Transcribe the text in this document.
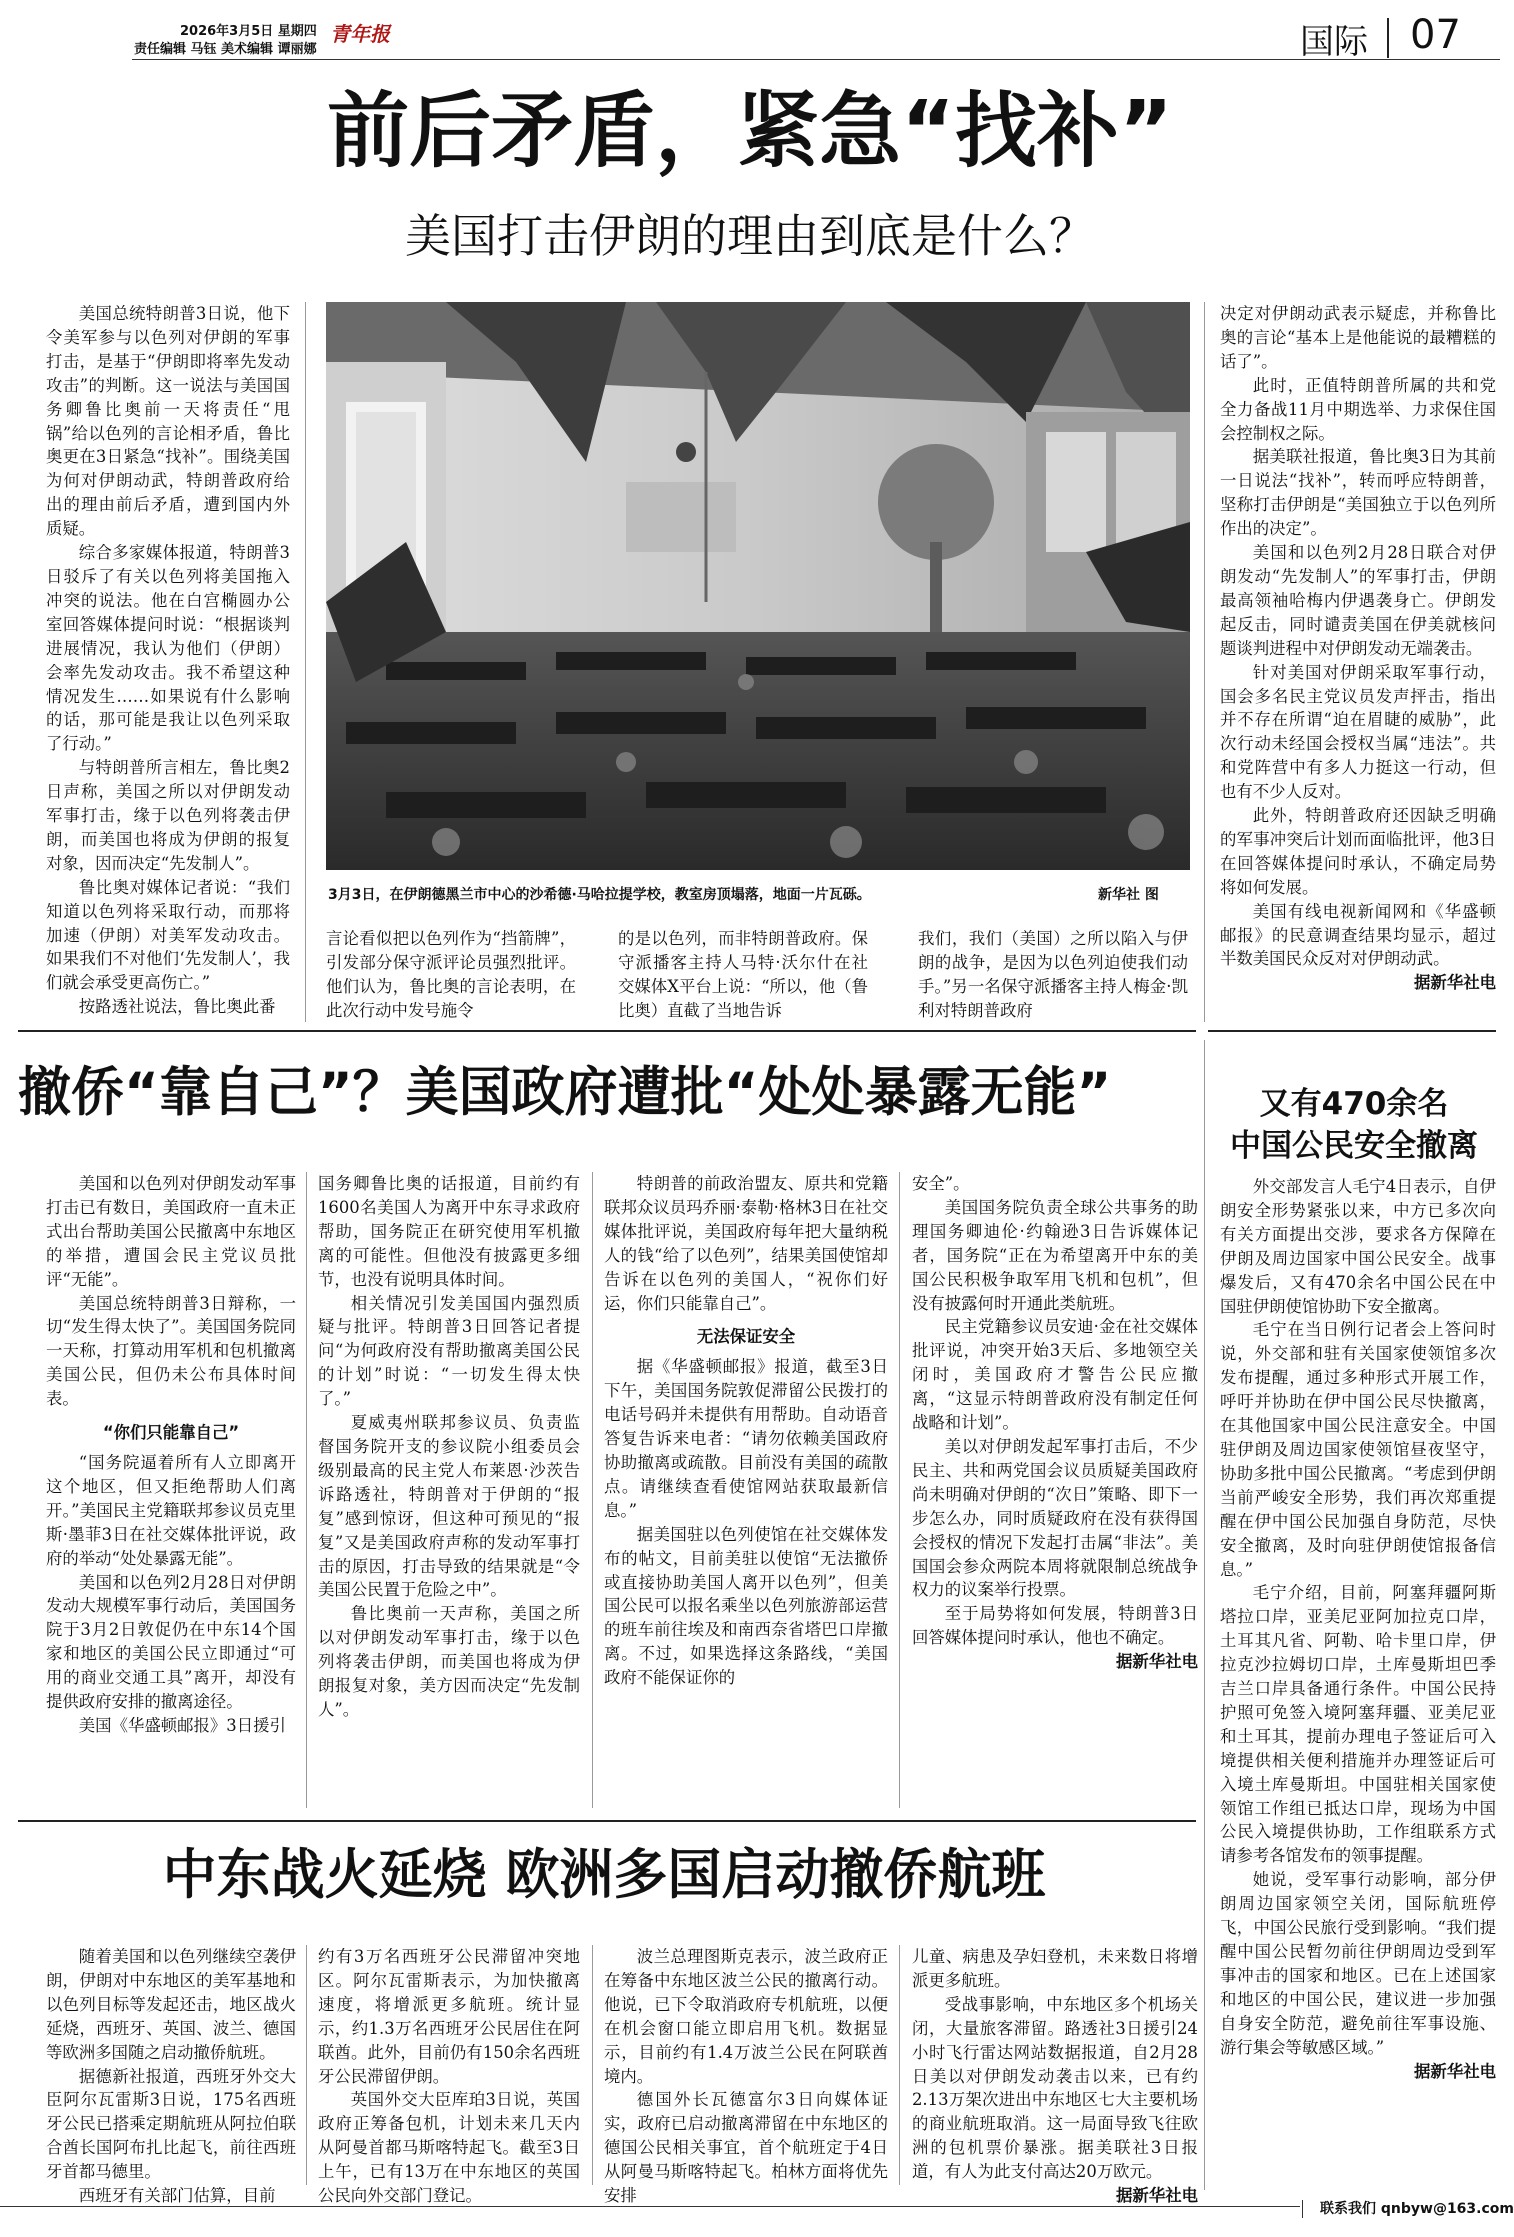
2026年3月5日 星期四
责任编辑 马钰 美术编辑 谭丽娜
青年报	国际 07
前后矛盾，紧急“找补”
美国打击伊朗的理由到底是什么？

美国总统特朗普3日说，他下令美军参与以色列对伊朗的军事打击，是基于“伊朗即将率先发动攻击”的判断。这一说法与美国国务卿鲁比奥前一天将责任“甩锅”给以色列的言论相矛盾，鲁比奥更在3日紧急“找补”。围绕美国为何对伊朗动武，特朗普政府给出的理由前后矛盾，遭到国内外质疑。

综合多家媒体报道，特朗普3日驳斥了有关以色列将美国拖入冲突的说法。他在白宫椭圆办公室回答媒体提问时说：“根据谈判进展情况，我认为他们（伊朗）会率先发动攻击。我不希望这种情况发生……如果说有什么影响的话，那可能是我让以色列采取了行动。”

与特朗普所言相左，鲁比奥2日声称，美国之所以对伊朗发动军事打击，缘于以色列将袭击伊朗，而美国也将成为伊朗的报复对象，因而决定“先发制人”。

鲁比奥对媒体记者说：“我们知道以色列将采取行动，而那将加速（伊朗）对美军发动攻击。如果我们不对他们‘先发制人’，我们就会承受更高伤亡。”

按路透社说法，鲁比奥此番

3月3日，在伊朗德黑兰市中心的沙希德·马哈拉提学校，教室房顶塌落，地面一片瓦砾。	新华社 图

言论看似把以色列作为“挡箭牌”，引发部分保守派评论员强烈批评。他们认为，鲁比奥的言论表明，在此次行动中发号施令

的是以色列，而非特朗普政府。保守派播客主持人马特·沃尔什在社交媒体X平台上说：“所以，他（鲁比奥）直截了当地告诉

我们，我们（美国）之所以陷入与伊朗的战争，是因为以色列迫使我们动手。”另一名保守派播客主持人梅金·凯利对特朗普政府

决定对伊朗动武表示疑虑，并称鲁比奥的言论“基本上是他能说的最糟糕的话了”。

此时，正值特朗普所属的共和党全力备战11月中期选举、力求保住国会控制权之际。

据美联社报道，鲁比奥3日为其前一日说法“找补”，转而呼应特朗普，坚称打击伊朗是“美国独立于以色列所作出的决定”。

美国和以色列2月28日联合对伊朗发动“先发制人”的军事打击，伊朗最高领袖哈梅内伊遇袭身亡。伊朗发起反击，同时谴责美国在伊美就核问题谈判进程中对伊朗发动无端袭击。

针对美国对伊朗采取军事行动，国会多名民主党议员发声抨击，指出并不存在所谓“迫在眉睫的威胁”，此次行动未经国会授权当属“违法”。共和党阵营中有多人力挺这一行动，但也有不少人反对。

此外，特朗普政府还因缺乏明确的军事冲突后计划而面临批评，他3日在回答媒体提问时承认，不确定局势将如何发展。

美国有线电视新闻网和《华盛顿邮报》的民意调查结果均显示，超过半数美国民众反对对伊朗动武。

据新华社电

撤侨“靠自己”？美国政府遭批“处处暴露无能”

美国和以色列对伊朗发动军事打击已有数日，美国政府一直未正式出台帮助美国公民撤离中东地区的举措，遭国会民主党议员批评“无能”。

美国总统特朗普3日辩称，一切“发生得太快了”。美国国务院同一天称，打算动用军机和包机撤离美国公民，但仍未公布具体时间表。

“你们只能靠自己”

“国务院逼着所有人立即离开这个地区，但又拒绝帮助人们离开。”美国民主党籍联邦参议员克里斯·墨菲3日在社交媒体批评说，政府的举动“处处暴露无能”。

美国和以色列2月28日对伊朗发动大规模军事行动后，美国国务院于3月2日敦促仍在中东14个国家和地区的美国公民立即通过“可用的商业交通工具”离开，却没有提供政府安排的撤离途径。

美国《华盛顿邮报》3日援引

国务卿鲁比奥的话报道，目前约有1600名美国人为离开中东寻求政府帮助，国务院正在研究使用军机撤离的可能性。但他没有披露更多细节，也没有说明具体时间。

相关情况引发美国国内强烈质疑与批评。特朗普3日回答记者提问“为何政府没有帮助撤离美国公民的计划”时说：“一切发生得太快了。”

夏威夷州联邦参议员、负责监督国务院开支的参议院小组委员会级别最高的民主党人布莱恩·沙茨告诉路透社，特朗普对于伊朗的“报复”感到惊讶，但这种可预见的“报复”又是美国政府声称的发动军事打击的原因，打击导致的结果就是“令美国公民置于危险之中”。

鲁比奥前一天声称，美国之所以对伊朗发动军事打击，缘于以色列将袭击伊朗，而美国也将成为伊朗报复对象，美方因而决定“先发制人”。

特朗普的前政治盟友、原共和党籍联邦众议员玛乔丽·泰勒·格林3日在社交媒体批评说，美国政府每年把大量纳税人的钱“给了以色列”，结果美国使馆却告诉在以色列的美国人，“祝你们好运，你们只能靠自己”。

无法保证安全

据《华盛顿邮报》报道，截至3日下午，美国国务院敦促滞留公民拨打的电话号码并未提供有用帮助。自动语音答复告诉来电者：“请勿依赖美国政府协助撤离或疏散。目前没有美国的疏散点。请继续查看使馆网站获取最新信息。”

据美国驻以色列使馆在社交媒体发布的帖文，目前美驻以使馆“无法撤侨或直接协助美国人离开以色列”，但美国公民可以报名乘坐以色列旅游部运营的班车前往埃及和南西奈省塔巴口岸撤离。不过，如果选择这条路线，“美国政府不能保证你的

安全”。

美国国务院负责全球公共事务的助理国务卿迪伦·约翰逊3日告诉媒体记者，国务院“正在为希望离开中东的美国公民积极争取军用飞机和包机”，但没有披露何时开通此类航班。

民主党籍参议员安迪·金在社交媒体批评说，冲突开始3天后、多地领空关闭时，美国政府才警告公民应撤离，“这显示特朗普政府没有制定任何战略和计划”。

美以对伊朗发起军事打击后，不少民主、共和两党国会议员质疑美国政府尚未明确对伊朗的“次日”策略、即下一步怎么办，同时质疑政府在没有获得国会授权的情况下发起打击属“非法”。美国国会参众两院本周将就限制总统战争权力的议案举行投票。

至于局势将如何发展，特朗普3日回答媒体提问时承认，他也不确定。

据新华社电

中东战火延烧 欧洲多国启动撤侨航班

随着美国和以色列继续空袭伊朗，伊朗对中东地区的美军基地和以色列目标等发起还击，地区战火延烧，西班牙、英国、波兰、德国等欧洲多国随之启动撤侨航班。

据德新社报道，西班牙外交大臣阿尔瓦雷斯3日说，175名西班牙公民已搭乘定期航班从阿拉伯联合酋长国阿布扎比起飞，前往西班牙首都马德里。

西班牙有关部门估算，目前

约有3万名西班牙公民滞留冲突地区。阿尔瓦雷斯表示，为加快撤离速度，将增派更多航班。统计显示，约1.3万名西班牙公民居住在阿联酋。此外，目前仍有150余名西班牙公民滞留伊朗。

英国外交大臣库珀3日说，英国政府正筹备包机，计划未来几天内从阿曼首都马斯喀特起飞。截至3日上午，已有13万在中东地区的英国公民向外交部门登记。

波兰总理图斯克表示，波兰政府正在筹备中东地区波兰公民的撤离行动。他说，已下令取消政府专机航班，以便在机会窗口能立即启用飞机。数据显示，目前约有1.4万波兰公民在阿联酋境内。

德国外长瓦德富尔3日向媒体证实，政府已启动撤离滞留在中东地区的德国公民相关事宜，首个航班定于4日从阿曼马斯喀特起飞。柏林方面将优先安排

儿童、病患及孕妇登机，未来数日将增派更多航班。

受战事影响，中东地区多个机场关闭，大量旅客滞留。路透社3日援引24小时飞行雷达网站数据报道，自2月28日美以对伊朗发动袭击以来，已有约2.13万架次进出中东地区七大主要机场的商业航班取消。这一局面导致飞往欧洲的包机票价暴涨。据美联社3日报道，有人为此支付高达20万欧元。

据新华社电

又有470余名
中国公民安全撤离

外交部发言人毛宁4日表示，自伊朗安全形势紧张以来，中方已多次向有关方面提出交涉，要求各方保障在伊朗及周边国家中国公民安全。战事爆发后，又有470余名中国公民在中国驻伊朗使馆协助下安全撤离。

毛宁在当日例行记者会上答问时说，外交部和驻有关国家使领馆多次发布提醒，通过多种形式开展工作，呼吁并协助在伊中国公民尽快撤离，在其他国家中国公民注意安全。中国驻伊朗及周边国家使领馆昼夜坚守，协助多批中国公民撤离。“考虑到伊朗当前严峻安全形势，我们再次郑重提醒在伊中国公民加强自身防范，尽快安全撤离，及时向驻伊朗使馆报备信息。”

毛宁介绍，目前，阿塞拜疆阿斯塔拉口岸，亚美尼亚阿加拉克口岸，土耳其凡省、阿勒、哈卡里口岸，伊拉克沙拉姆切口岸，土库曼斯坦巴季吉兰口岸具备通行条件。中国公民持护照可免签入境阿塞拜疆、亚美尼亚和土耳其，提前办理电子签证后可入境提供相关便利措施并办理签证后可入境土库曼斯坦。中国驻相关国家使领馆工作组已抵达口岸，现场为中国公民入境提供协助，工作组联系方式请参考各馆发布的领事提醒。

她说，受军事行动影响，部分伊朗周边国家领空关闭，国际航班停飞，中国公民旅行受到影响。“我们提醒中国公民暂勿前往伊朗周边受到军事冲击的国家和地区。已在上述国家和地区的中国公民，建议进一步加强自身安全防范，避免前往军事设施、游行集会等敏感区域。”

据新华社电

联系我们 qnbyw@163.com
